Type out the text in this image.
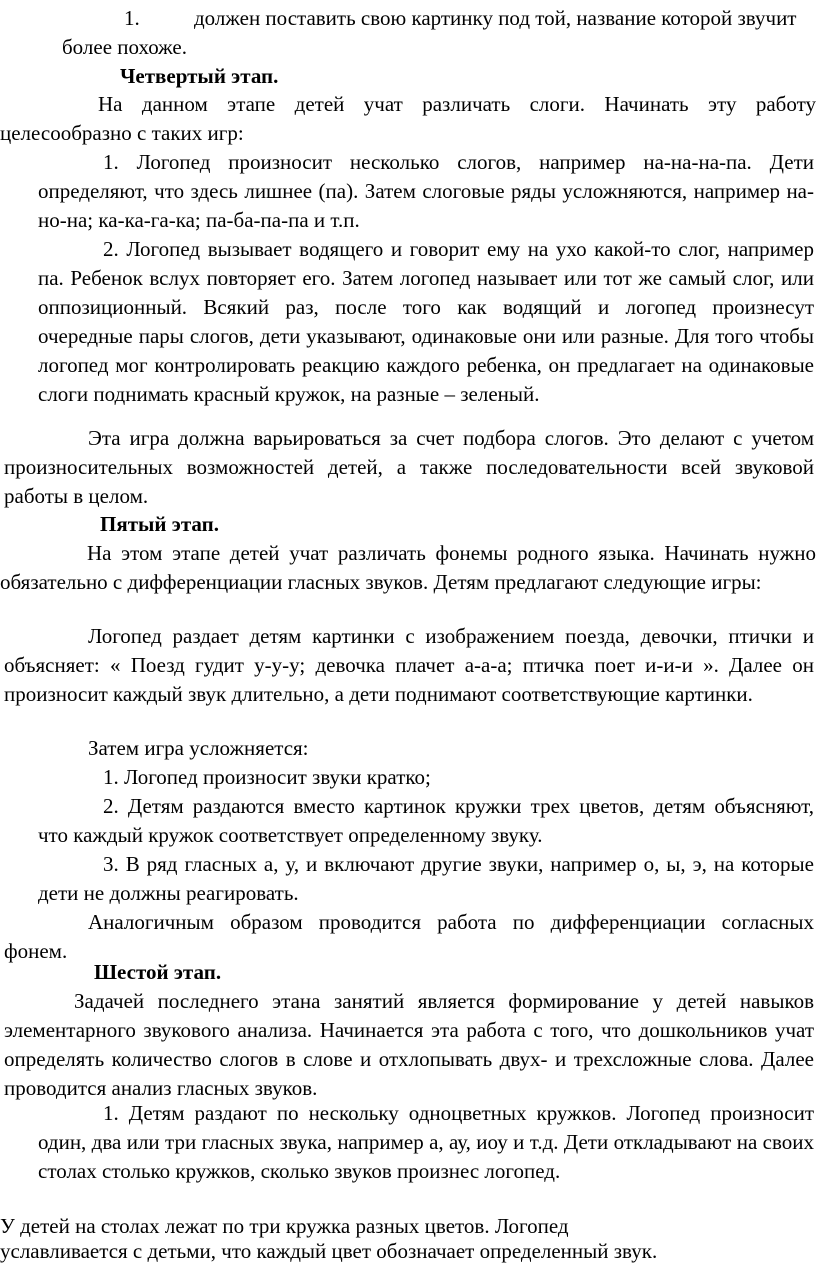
1.	должен поставить свою картинку под той, название которой звучит более похоже.

Четвертый этап.

На данном этапе детей учат различать слоги. Начинать эту работу целесообразно с таких игр:

1. Логопед произносит несколько слогов, например на-на-на-па. Дети определяют, что здесь лишнее (па). Затем слоговые ряды усложняются, например на-но-на; ка-ка-га-ка; па-ба-па-па и т.п.

2. Логопед вызывает водящего и говорит ему на ухо какой-то слог, например па. Ребенок вслух повторяет его. Затем логопед называет или тот же самый слог, или оппозиционный. Всякий раз, после того как водящий и логопед произнесут очередные пары слогов, дети указывают, одинаковые они или разные. Для того чтобы логопед мог контролировать реакцию каждого ребенка, он предлагает на одинаковые слоги поднимать красный кружок, на разные – зеленый.

Эта игра должна варьироваться за счет подбора слогов. Это делают с учетом произносительных возможностей детей, а также последовательности всей звуковой работы в целом.

Пятый этап.

На этом этапе детей учат различать фонемы родного языка. Начинать нужно обязательно с дифференциации гласных звуков. Детям предлагают следующие игры:

Логопед раздает детям картинки с изображением поезда, девочки, птички и объясняет: « Поезд гудит у-у-у; девочка плачет а-а-а; птичка поет и-и-и ». Далее он произносит каждый звук длительно, а дети поднимают соответствующие картинки.

Затем игра усложняется:

1. Логопед произносит звуки кратко;

2. Детям раздаются вместо картинок кружки трех цветов, детям объясняют, что каждый кружок соответствует определенному звуку.

3. В ряд гласных а, у, и включают другие звуки, например о, ы, э, на которые дети не должны реагировать.

Аналогичным образом проводится работа по дифференциации согласных фонем.

Шестой этап.

Задачей последнего этана занятий является формирование у детей навыков элементарного звукового анализа. Начинается эта работа с того, что дошкольников учат определять количество слогов в слове и отхлопывать двух- и трехсложные слова. Далее проводится анализ гласных звуков.

1. Детям раздают по нескольку одноцветных кружков. Логопед произносит один, два или три гласных звука, например а, ау, иоу и т.д. Дети откладывают на своих столах столько кружков, сколько звуков произнес логопед.

У детей на столах лежат по три кружка разных цветов. Логопед

уславливается с детьми, что каждый цвет обозначает определенный звук.
